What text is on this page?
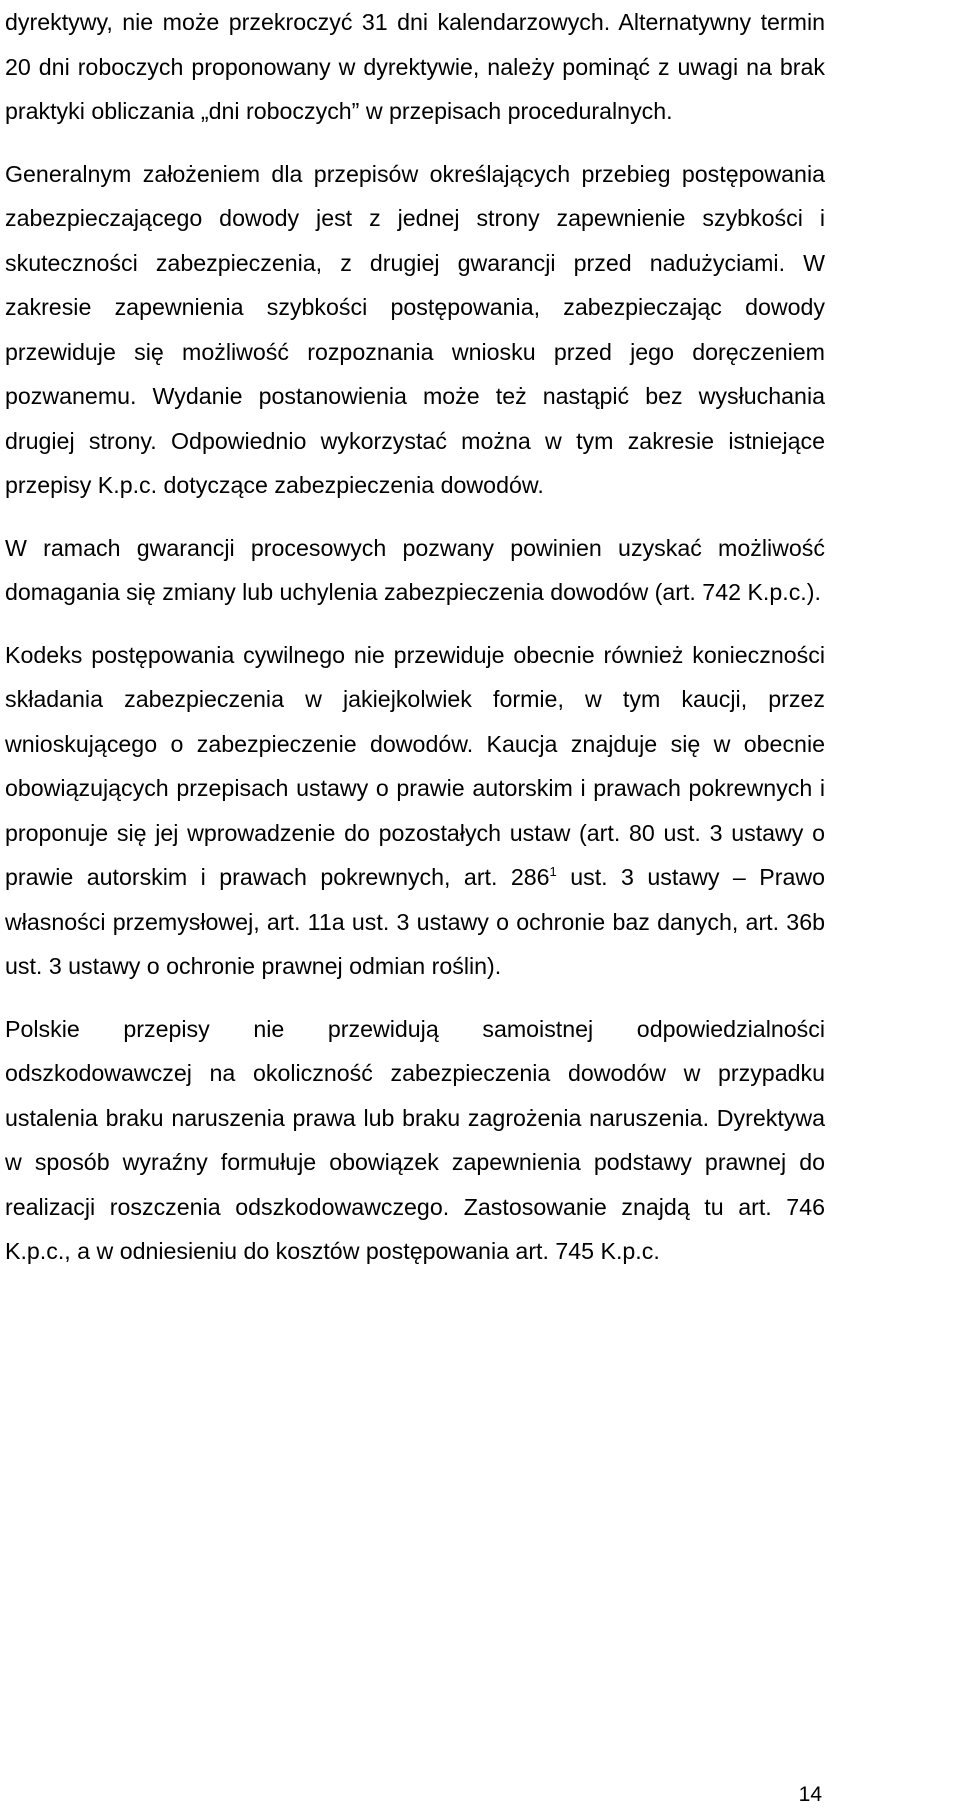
dyrektywy, nie może przekroczyć 31 dni kalendarzowych. Alternatywny termin 20 dni roboczych proponowany w dyrektywie, należy pominąć z uwagi na brak praktyki obliczania „dni roboczych” w przepisach proceduralnych.

Generalnym założeniem dla przepisów określających przebieg postępowania zabezpieczającego dowody jest z jednej strony zapewnienie szybkości i skuteczności zabezpieczenia, z drugiej gwarancji przed nadużyciami. W zakresie zapewnienia szybkości postępowania, zabezpieczając dowody przewiduje się możliwość rozpoznania wniosku przed jego doręczeniem pozwanemu. Wydanie postanowienia może też nastąpić bez wysłuchania drugiej strony. Odpowiednio wykorzystać można w tym zakresie istniejące przepisy K.p.c. dotyczące zabezpieczenia dowodów.

W ramach gwarancji procesowych pozwany powinien uzyskać możliwość domagania się zmiany lub uchylenia zabezpieczenia dowodów (art. 742 K.p.c.).

Kodeks postępowania cywilnego nie przewiduje obecnie również konieczności składania zabezpieczenia w jakiejkolwiek formie, w tym kaucji, przez wnioskującego o zabezpieczenie dowodów. Kaucja znajduje się w obecnie obowiązujących przepisach ustawy o prawie autorskim i prawach pokrewnych i proponuje się jej wprowadzenie do pozostałych ustaw (art. 80 ust. 3 ustawy o prawie autorskim i prawach pokrewnych, art. $286^1$ ust. 3 ustawy – Prawo własności przemysłowej, art. 11a ust. 3 ustawy o ochronie baz danych, art. 36b ust. 3 ustawy o ochronie prawnej odmian roślin).

Polskie przepisy nie przewidują samoistnej odpowiedzialności odszkodowawczej na okoliczność zabezpieczenia dowodów w przypadku ustalenia braku naruszenia prawa lub braku zagrożenia naruszenia. Dyrektywa w sposób wyraźny formułuje obowiązek zapewnienia podstawy prawnej do realizacji roszczenia odszkodowawczego. Zastosowanie znajdą tu art. 746 K.p.c., a w odniesieniu do kosztów postępowania art. 745 K.p.c.

14
